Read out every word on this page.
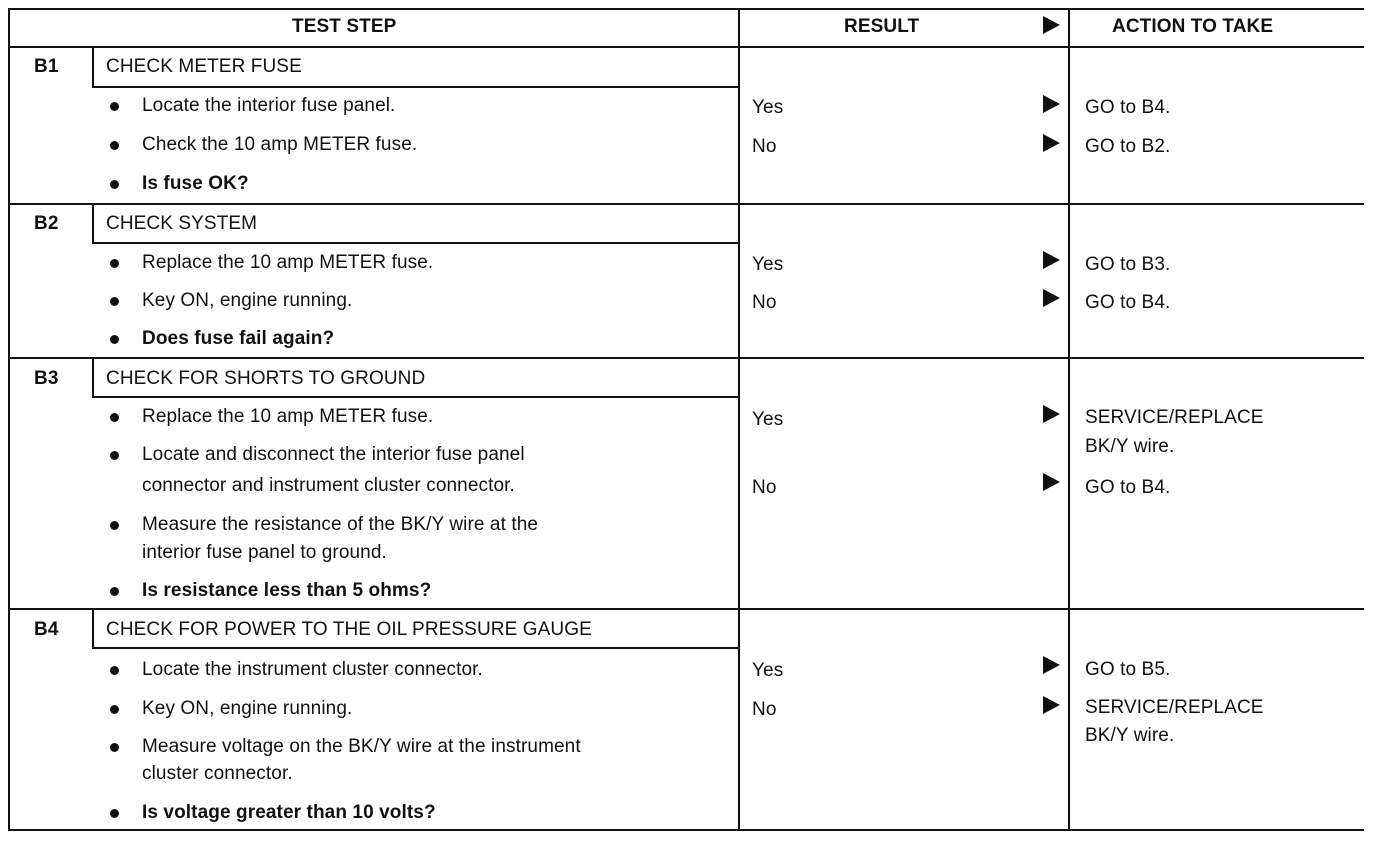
TEST STEP	RESULT	ACTION TO TAKE
B1	CHECK METER FUSE
Locate the interior fuse panel.
Check the 10 amp METER fuse.
Is fuse OK?
Yes	GO to B4.
No	GO to B2.
B2	CHECK SYSTEM
Replace the 10 amp METER fuse.
Key ON, engine running.
Does fuse fail again?
Yes	GO to B3.
No	GO to B4.
B3	CHECK FOR SHORTS TO GROUND
Replace the 10 amp METER fuse.
Locate and disconnect the interior fuse panel
connector and instrument cluster connector.
Measure the resistance of the BK/Y wire at the
interior fuse panel to ground.
Is resistance less than 5 ohms?
Yes	SERVICE/REPLACE
BK/Y wire.
No	GO to B4.
B4	CHECK FOR POWER TO THE OIL PRESSURE GAUGE
Locate the instrument cluster connector.
Key ON, engine running.
Measure voltage on the BK/Y wire at the instrument
cluster connector.
Is voltage greater than 10 volts?
Yes	GO to B5.
No	SERVICE/REPLACE
BK/Y wire.
